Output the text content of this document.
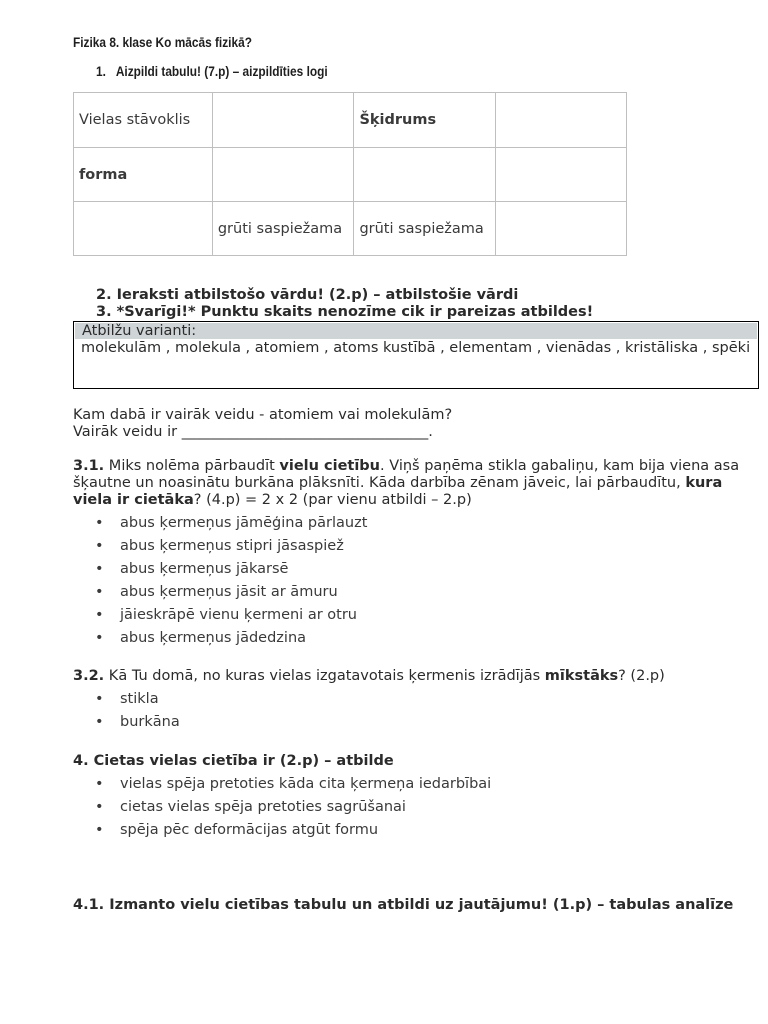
Fizika 8. klase Ko mācās fizikā?
1. Aizpildi tabulu! (7.p) – aizpildīties logi
Vielas stāvoklis		Šķidrums	
forma			
	grūti saspiežama	grūti saspiežama	
2. Ieraksti atbilstošo vārdu! (2.p) – atbilstošie vārdi
3. *Svarīgi!* Punktu skaits nenozīme cik ir pareizas atbildes!
Atbilžu varianti:
molekulām , molekula , atomiem , atoms kustībā , elementam , vienādas , kristāliska , spēki
Kam dabā ir vairāk veidu - atomiem vai molekulām?
Vairāk veidu ir __________________________________.
3.1. Miks nolēma pārbaudīt vielu cietību. Viņš paņēma stikla gabaliņu, kam bija viena asa šķautne un noasinātu burkāna plāksnīti. Kāda darbība zēnam jāveic, lai pārbaudītu, kura viela ir cietāka? (4.p) = 2 x 2 (par vienu atbildi – 2.p)
• abus ķermeņus jāmēģina pārlauzt
• abus ķermeņus stipri jāsaspiež
• abus ķermeņus jākarsē
• abus ķermeņus jāsit ar āmuru
• jāieskrāpē vienu ķermeni ar otru
• abus ķermeņus jādedzina
3.2. Kā Tu domā, no kuras vielas izgatavotais ķermenis izrādījās mīkstāks? (2.p)
• stikla
• burkāna
4. Cietas vielas cietība ir (2.p) – atbilde
• vielas spēja pretoties kāda cita ķermeņa iedarbībai
• cietas vielas spēja pretoties sagrūšanai
• spēja pēc deformācijas atgūt formu
4.1. Izmanto vielu cietības tabulu un atbildi uz jautājumu! (1.p) – tabulas analīze
